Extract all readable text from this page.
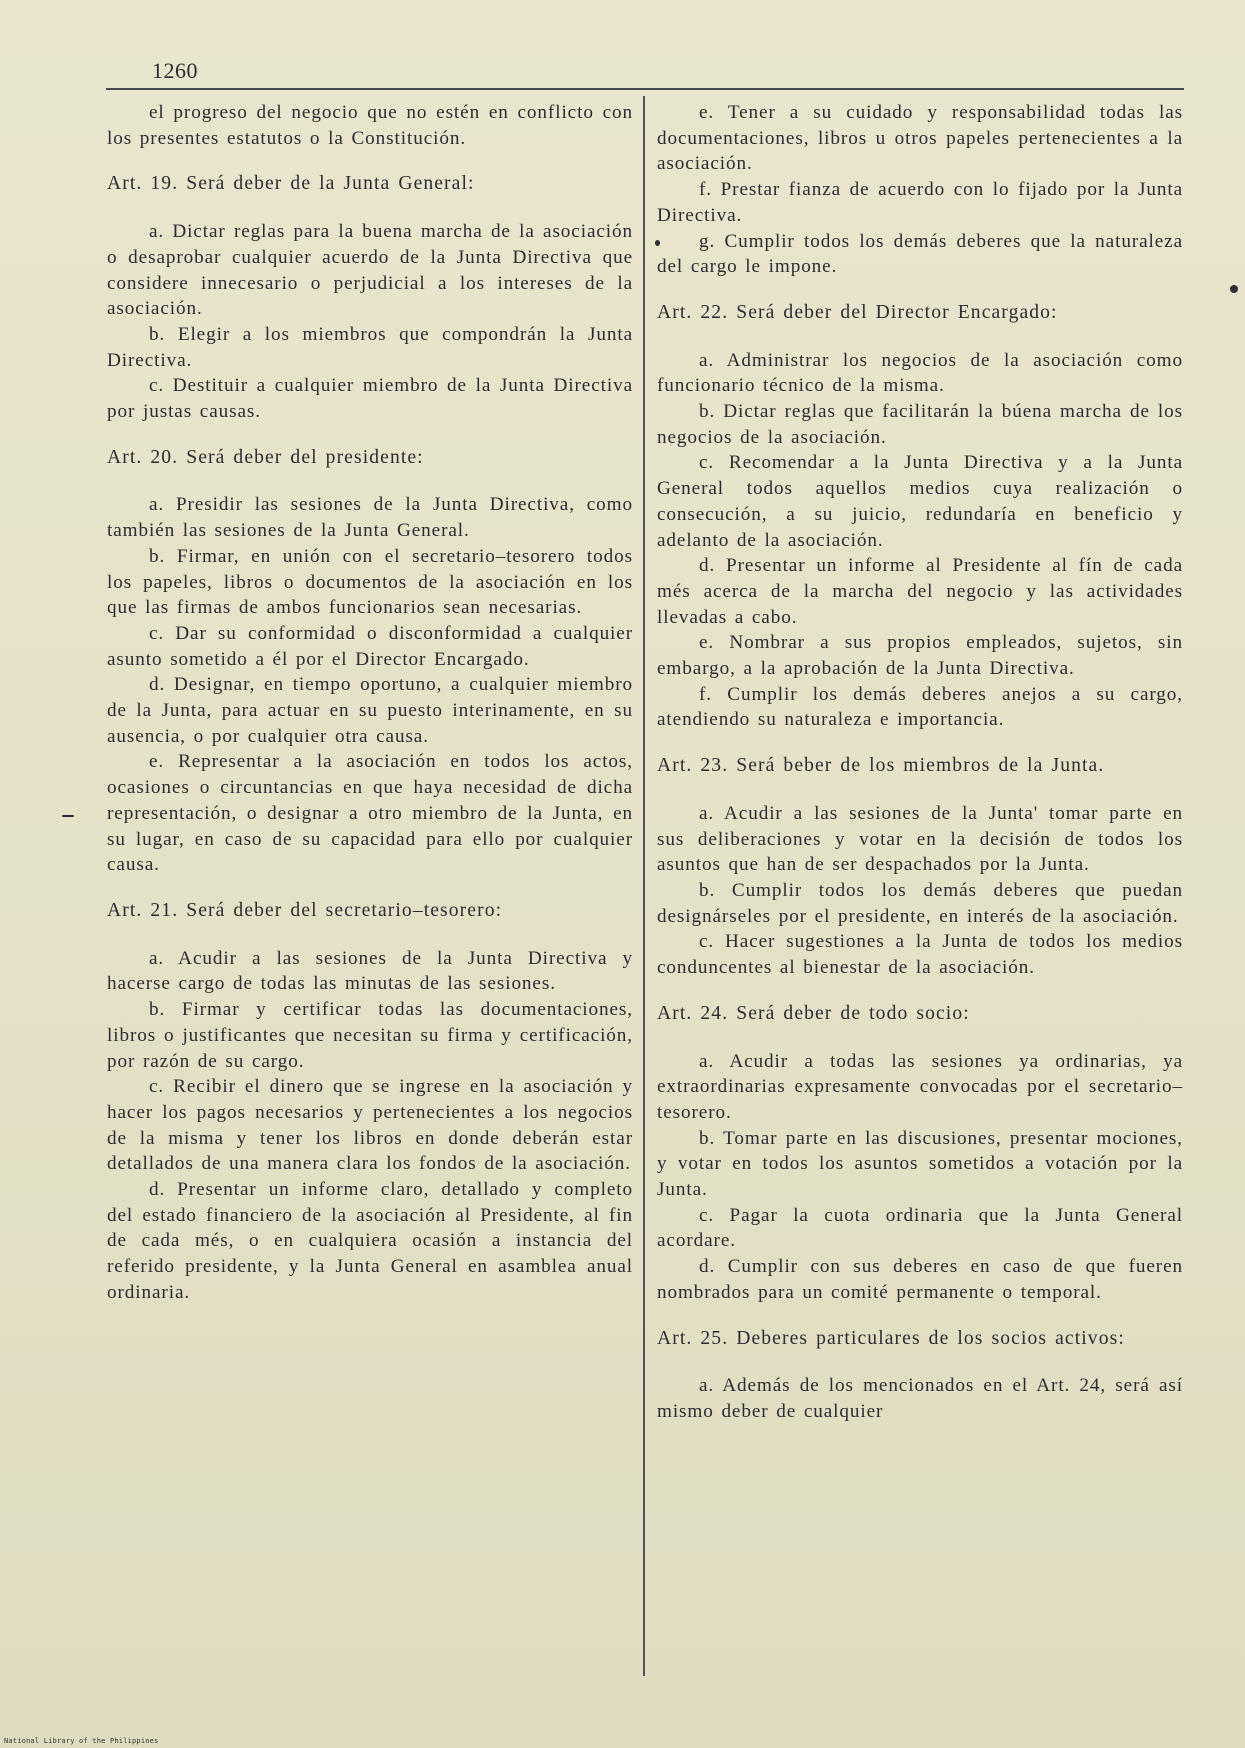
1260

el progreso del negocio que no estén en conflicto con los presentes estatutos o la Constitución.

Art. 19. Será deber de la Junta General:

a. Dictar reglas para la buena marcha de la asociación o desaprobar cualquier acuerdo de la Junta Directiva que considere innecesario o perjudicial a los intereses de la asociación.

b. Elegir a los miembros que compondrán la Junta Directiva.

c. Destituir a cualquier miembro de la Junta Directiva por justas causas.

Art. 20. Será deber del presidente:

a. Presidir las sesiones de la Junta Directiva, como también las sesiones de la Junta General.

b. Firmar, en unión con el secretario–tesorero todos los papeles, libros o documentos de la asociación en los que las firmas de ambos funcionarios sean necesarias.

c. Dar su conformidad o disconformidad a cualquier asunto sometido a él por el Director Encargado.

d. Designar, en tiempo oportuno, a cualquier miembro de la Junta, para actuar en su puesto interinamente, en su ausencia, o por cualquier otra causa.

e. Representar a la asociación en todos los actos, ocasiones o circuntancias en que haya necesidad de dicha representación, o designar a otro miembro de la Junta, en su lugar, en caso de su capacidad para ello por cualquier causa.

Art. 21. Será deber del secretario–tesorero:

a. Acudir a las sesiones de la Junta Directiva y hacerse cargo de todas las minutas de las sesiones.

b. Firmar y certificar todas las documentaciones, libros o justificantes que necesitan su firma y certificación, por razón de su cargo.

c. Recibir el dinero que se ingrese en la asociación y hacer los pagos necesarios y pertenecientes a los negocios de la misma y tener los libros en donde deberán estar detallados de una manera clara los fondos de la asociación.

d. Presentar un informe claro, detallado y completo del estado financiero de la asociación al Presidente, al fin de cada més, o en cualquiera ocasión a instancia del referido presidente, y la Junta General en asamblea anual ordinaria.

e. Tener a su cuidado y responsabilidad todas las documentaciones, libros u otros papeles pertenecientes a la asociación.

f. Prestar fianza de acuerdo con lo fijado por la Junta Directiva.

g. Cumplir todos los demás deberes que la naturaleza del cargo le impone.

Art. 22. Será deber del Director Encargado:

a. Administrar los negocios de la asociación como funcionario técnico de la misma.

b. Dictar reglas que facilitarán la búena marcha de los negocios de la asociación.

c. Recomendar a la Junta Directiva y a la Junta General todos aquellos medios cuya realización o consecución, a su juicio, redundaría en beneficio y adelanto de la asociación.

d. Presentar un informe al Presidente al fín de cada més acerca de la marcha del negocio y las actividades llevadas a cabo.

e. Nombrar a sus propios empleados, sujetos, sin embargo, a la aprobación de la Junta Directiva.

f. Cumplir los demás deberes anejos a su cargo, atendiendo su naturaleza e importancia.

Art. 23. Será beber de los miembros de la Junta.

a. Acudir a las sesiones de la Junta' tomar parte en sus deliberaciones y votar en la decisión de todos los asuntos que han de ser despachados por la Junta.

b. Cumplir todos los demás deberes que puedan designárseles por el presidente, en interés de la asociación.

c. Hacer sugestiones a la Junta de todos los medios conduncentes al bienestar de la asociación.

Art. 24. Será deber de todo socio:

a. Acudir a todas las sesiones ya ordinarias, ya extraordinarias expresamente convocadas por el secretario–tesorero.

b. Tomar parte en las discusiones, presentar mociones, y votar en todos los asuntos sometidos a votación por la Junta.

c. Pagar la cuota ordinaria que la Junta General acordare.

d. Cumplir con sus deberes en caso de que fueren nombrados para un comité permanente o temporal.

Art. 25. Deberes particulares de los socios activos:

a. Además de los mencionados en el Art. 24, será así mismo deber de cualquier

National Library of the Philippines
